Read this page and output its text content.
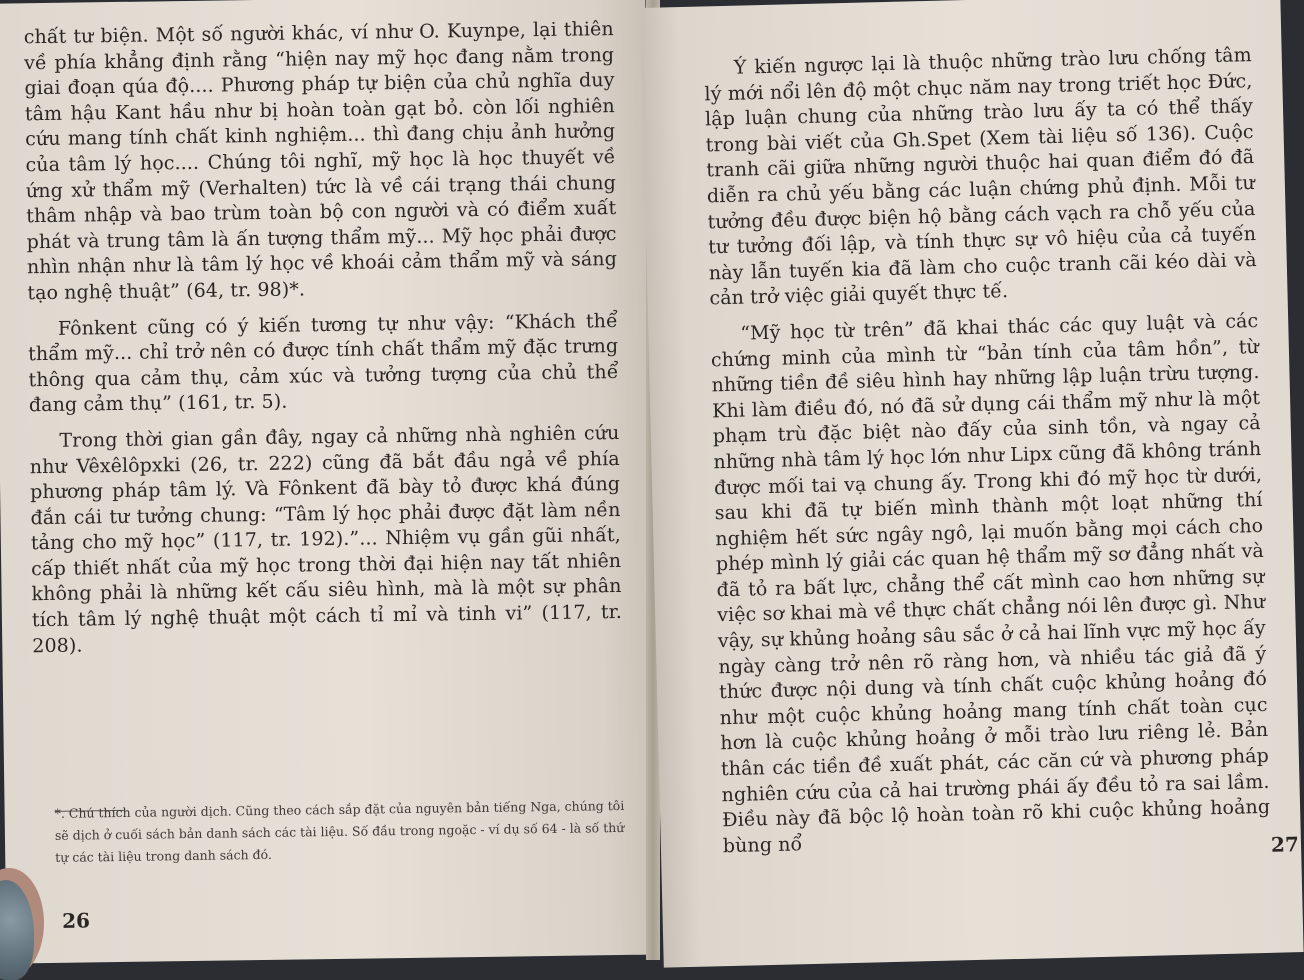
chất tư biện. Một số người khác, ví như O. Kuynpe, lại thiên về phía khẳng định rằng “hiện nay mỹ học đang nằm trong giai đoạn qúa độ.... Phương pháp tự biện của chủ nghĩa duy tâm hậu Kant hầu như bị hoàn toàn gạt bỏ. còn lối nghiên cứu mang tính chất kinh nghiệm... thì đang chịu ảnh hưởng của tâm lý học.... Chúng tôi nghĩ, mỹ học là học thuyết về ứng xử thẩm mỹ (Verhalten) tức là về cái trạng thái chung thâm nhập và bao trùm toàn bộ con người và có điểm xuất phát và trung tâm là ấn tượng thẩm mỹ... Mỹ học phải được nhìn nhận như là tâm lý học về khoái cảm thẩm mỹ và sáng tạo nghệ thuật” (64, tr. 98)*.

Fônkent cũng có ý kiến tương tự như vậy: “Khách thể thẩm mỹ... chỉ trở nên có được tính chất thẩm mỹ đặc trưng thông qua cảm thụ, cảm xúc và tưởng tượng của chủ thể đang cảm thụ” (161, tr. 5).

Trong thời gian gần đây, ngay cả những nhà nghiên cứu như Vêxêlôpxki (26, tr. 222) cũng đã bắt đầu ngả về phía phương pháp tâm lý. Và Fônkent đã bày tỏ được khá đúng đắn cái tư tưởng chung: “Tâm lý học phải được đặt làm nền tảng cho mỹ học” (117, tr. 192).”... Nhiệm vụ gần gũi nhất, cấp thiết nhất của mỹ học trong thời đại hiện nay tất nhiên không phải là những kết cấu siêu hình, mà là một sự phân tích tâm lý nghệ thuật một cách tỉ mỉ và tinh vi” (117, tr. 208).

*. Chú thích của người dịch. Cũng theo cách sắp đặt của nguyên bản tiếng Nga, chúng tôi sẽ dịch ở cuối sách bản danh sách các tài liệu. Số đầu trong ngoặc - ví dụ số 64 - là số thứ tự các tài liệu trong danh sách đó.
26

Ý kiến ngược lại là thuộc những trào lưu chống tâm lý mới nổi lên độ một chục năm nay trong triết học Đức, lập luận chung của những trào lưu ấy ta có thể thấy trong bài viết của Gh.Spet (Xem tài liệu số 136). Cuộc tranh cãi giữa những người thuộc hai quan điểm đó đã diễn ra chủ yếu bằng các luận chứng phủ định. Mỗi tư tưởng đều được biện hộ bằng cách vạch ra chỗ yếu của tư tưởng đối lập, và tính thực sự vô hiệu của cả tuyến này lẫn tuyến kia đã làm cho cuộc tranh cãi kéo dài và cản trở việc giải quyết thực tế.

“Mỹ học từ trên” đã khai thác các quy luật và các chứng minh của mình từ “bản tính của tâm hồn”, từ những tiền đề siêu hình hay những lập luận trừu tượng. Khi làm điều đó, nó đã sử dụng cái thẩm mỹ như là một phạm trù đặc biệt nào đấy của sinh tồn, và ngay cả những nhà tâm lý học lớn như Lipx cũng đã không tránh được mối tai vạ chung ấy. Trong khi đó mỹ học từ dưới, sau khi đã tự biến mình thành một loạt những thí nghiệm hết sức ngây ngô, lại muốn bằng mọi cách cho phép mình lý giải các quan hệ thẩm mỹ sơ đẳng nhất và đã tỏ ra bất lực, chẳng thể cất mình cao hơn những sự việc sơ khai mà về thực chất chẳng nói lên được gì. Như vậy, sự khủng hoảng sâu sắc ở cả hai lĩnh vực mỹ học ấy ngày càng trở nên rõ ràng hơn, và nhiều tác giả đã ý thức được nội dung và tính chất cuộc khủng hoảng đó như một cuộc khủng hoảng mang tính chất toàn cục hơn là cuộc khủng hoảng ở mỗi trào lưu riêng lẻ. Bản thân các tiền đề xuất phát, các căn cứ và phương pháp nghiên cứu của cả hai trường phái ấy đều tỏ ra sai lầm. Điều này đã bộc lộ hoàn toàn rõ khi cuộc khủng hoảng bùng nổ	27
